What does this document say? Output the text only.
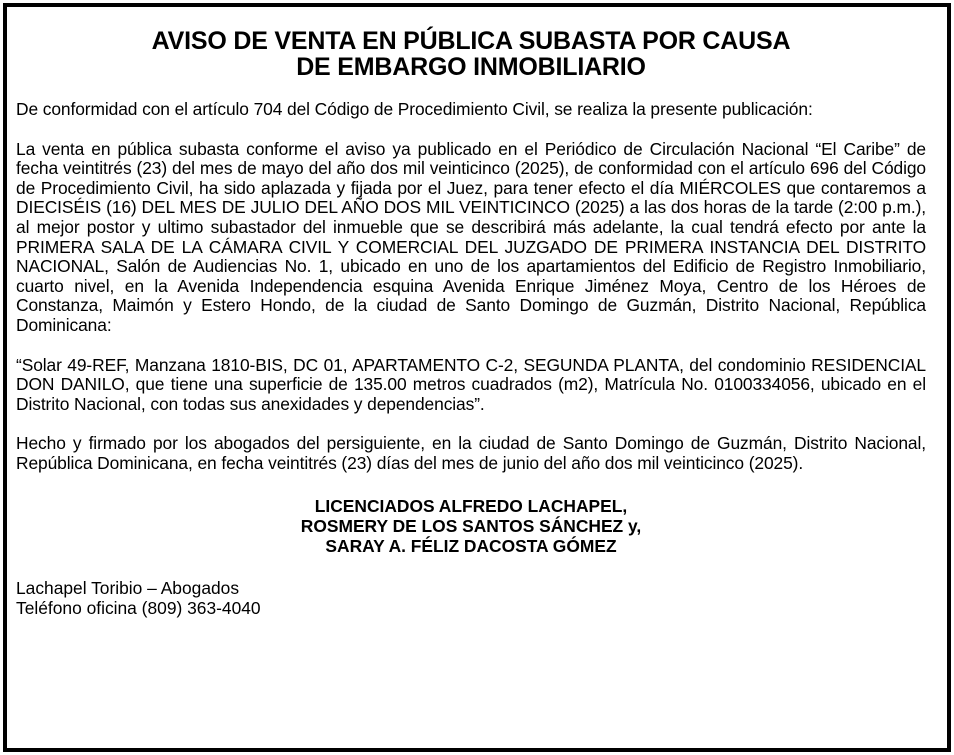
AVISO DE VENTA EN PÚBLICA SUBASTA POR CAUSA
DE EMBARGO INMOBILIARIO

De conformidad con el artículo 704 del Código de Procedimiento Civil, se realiza la presente publicación:

La venta en pública subasta conforme el aviso ya publicado en el Periódico de Circulación Nacional “El Caribe” de fecha veintitrés (23) del mes de mayo del año dos mil veinticinco (2025), de conformidad con el artículo 696 del Código de Procedimiento Civil, ha sido aplazada y fijada por el Juez, para tener efecto el día MIÉRCOLES que contaremos a DIECISÉIS (16) DEL MES DE JULIO DEL AÑO DOS MIL VEINTICINCO (2025) a las dos horas de la tarde (2:00 p.m.), al mejor postor y ultimo subastador del inmueble que se describirá más adelante, la cual tendrá efecto por ante la PRIMERA SALA DE LA CÁMARA CIVIL Y COMERCIAL DEL JUZGADO DE PRIMERA INSTANCIA DEL DISTRITO NACIONAL, Salón de Audiencias No. 1, ubicado en uno de los apartamientos del Edificio de Registro Inmobiliario, cuarto nivel, en la Avenida Independencia esquina Avenida Enrique Jiménez Moya, Centro de los Héroes de Constanza, Maimón y Estero Hondo, de la ciudad de Santo Domingo de Guzmán, Distrito Nacional, República Dominicana:

“Solar 49-REF, Manzana 1810-BIS, DC 01, APARTAMENTO C-2, SEGUNDA PLANTA, del condominio RESIDENCIAL DON DANILO, que tiene una superficie de 135.00 metros cuadrados (m2), Matrícula No. 0100334056, ubicado en el Distrito Nacional, con todas sus anexidades y dependencias”.

Hecho y firmado por los abogados del persiguiente, en la ciudad de Santo Domingo de Guzmán, Distrito Nacional, República Dominicana, en fecha veintitrés (23) días del mes de junio del año dos mil veinticinco (2025).

LICENCIADOS ALFREDO LACHAPEL,
ROSMERY DE LOS SANTOS SÁNCHEZ y,
SARAY A. FÉLIZ DACOSTA GÓMEZ
Lachapel Toribio – Abogados
Teléfono oficina (809) 363-4040
